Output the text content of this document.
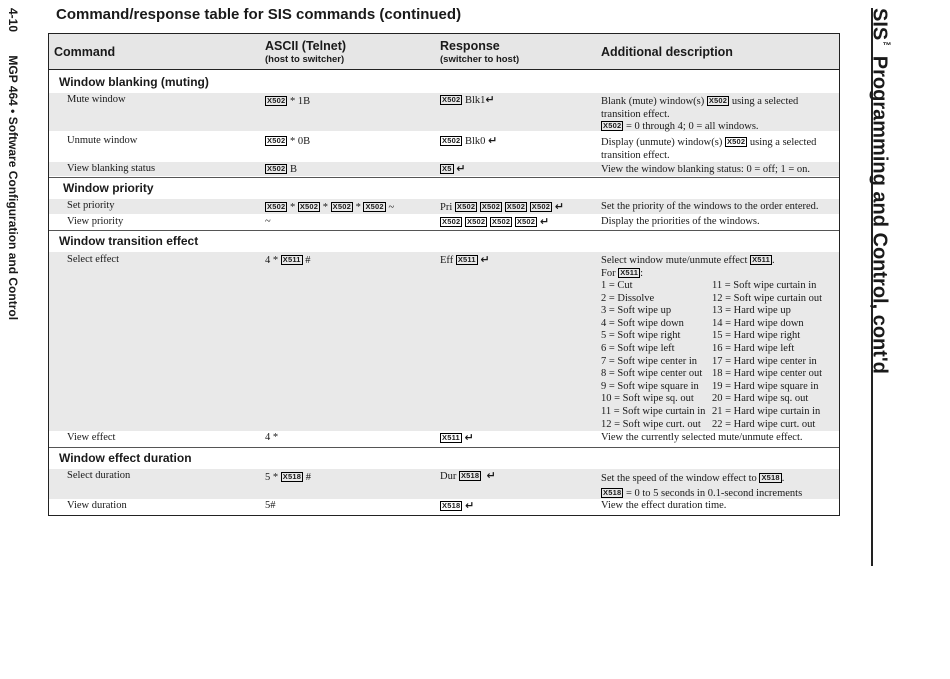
4-10 MGP 464 • Software Configuration and Control
SIS™ Programming and Control, cont'd
Command/response table for SIS commands (continued)
Command	ASCII (Telnet)
(host to switcher)
Response
(switcher to host)
Additional description
Window blanking (muting)
Mute window	X502 * 1B	X502 Blk1↵	Blank (mute) window(s) X502 using a selected
transition effect.
X502 = 0 through 4; 0 = all windows.
Unmute window	X502 * 0B	X502 Blk0 ↵	Display (unmute) window(s) X502 using a selected
transition effect.
View blanking status	X502 B	X5 ↵	View the window blanking status: 0 = off; 1 = on.
Window priority
Set priority	X502 * X502 * X502 * X502 ~	Pri X502 X502 X502 X502 ↵	Set the priority of the windows to the order entered.
View priority	~	X502 X502 X502 X502 ↵	Display the priorities of the windows.
Window transition effect
Select effect	4 * X511 #	Eff X511 ↵	Select window mute/unmute effect X511 .
For X511 :
1 = Cut	11 = Soft wipe curtain in
2 = Dissolve	12 = Soft wipe curtain out
3 = Soft wipe up	13 = Hard wipe up
4 = Soft wipe down	14 = Hard wipe down
5 = Soft wipe right	15 = Hard wipe right
6 = Soft wipe left	16 = Hard wipe left
7 = Soft wipe center in 17 = Hard wipe center in
8 = Soft wipe center out 18 = Hard wipe center out
9 = Soft wipe square in 19 = Hard wipe square in
10 = Soft wipe sq. out 20 = Hard wipe sq. out
11 = Soft wipe curtain in 21 = Hard wipe curtain in
12 = Soft wipe curt. out 22 = Hard wipe curt. out
View effect	4 *	X511 ↵	View the currently selected mute/unmute effect.
Window effect duration
Select duration	5 * X518 #	Dur X518 ↵	Set the speed of the window effect to X518 .
X518 = 0 to 5 seconds in 0.1-second increments
View duration	5#	X518 ↵	View the effect duration time.
